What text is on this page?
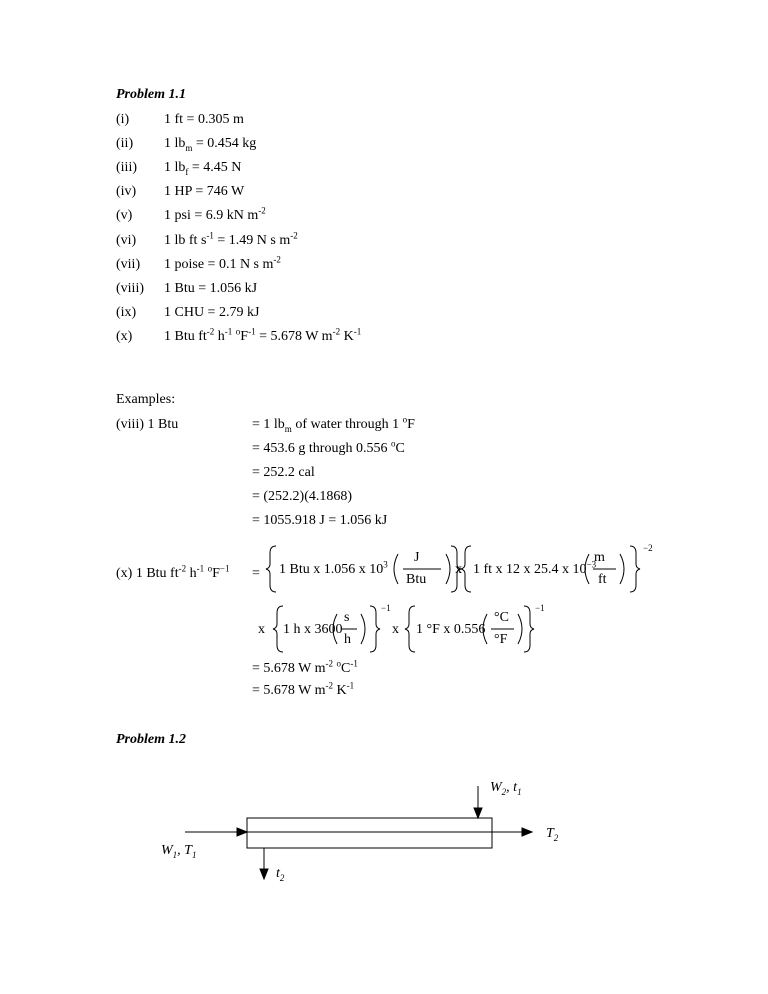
Problem 1.1
(i) 1 ft = 0.305 m
(ii) 1 $lb_m = 0.454$ kg
(iii) 1 $lb_f = 4.45$ N
(iv) 1 HP = 746 W
(v) 1 psi = 6.9 kN $m^{-2}$
(vi) 1 lb ft $s^{-1} = 1.49$ N s $m^{-2}$
(vii) 1 poise = 0.1 N s $m^{-2}$
(viii) 1 Btu = 1.056 kJ
(ix) 1 CHU = 2.79 kJ
(x) 1 Btu $ft^{-2}$ $h^{-1}$ $^oF^{-1} = 5.678$ W $m^{-2}$ $K^{-1}$
Examples:
(viii) 1 Btu	= 1 $lb_m$ of water through 1 $^o$F
= 453.6 g through 0.556 $^o$C
= 252.2 cal
= (252.2)(4.1868)
= 1055.918 J = 1.056 kJ
(x) 1 Btu $ft^{-2}$ $h^{-1}$ $^oF^{-1} = 1$ Btu x 1.056 x $10^3$ J
Btu
x 1 ft x 12 x 25.4 x $10^{-3}$
m
ft
−2
x 1 h x 3600
s
h
−1
x 1 °F x 0.556
°C
°F
−1
= 5.678 W $m^{-2}$ $^oC^{-1}$
= 5.678 W $m^{-2}$ $K^{-1}$
Problem 1.2
$W_2$, $t_1$
$T_2$
$W_1$, $T_1$
$t_2$
